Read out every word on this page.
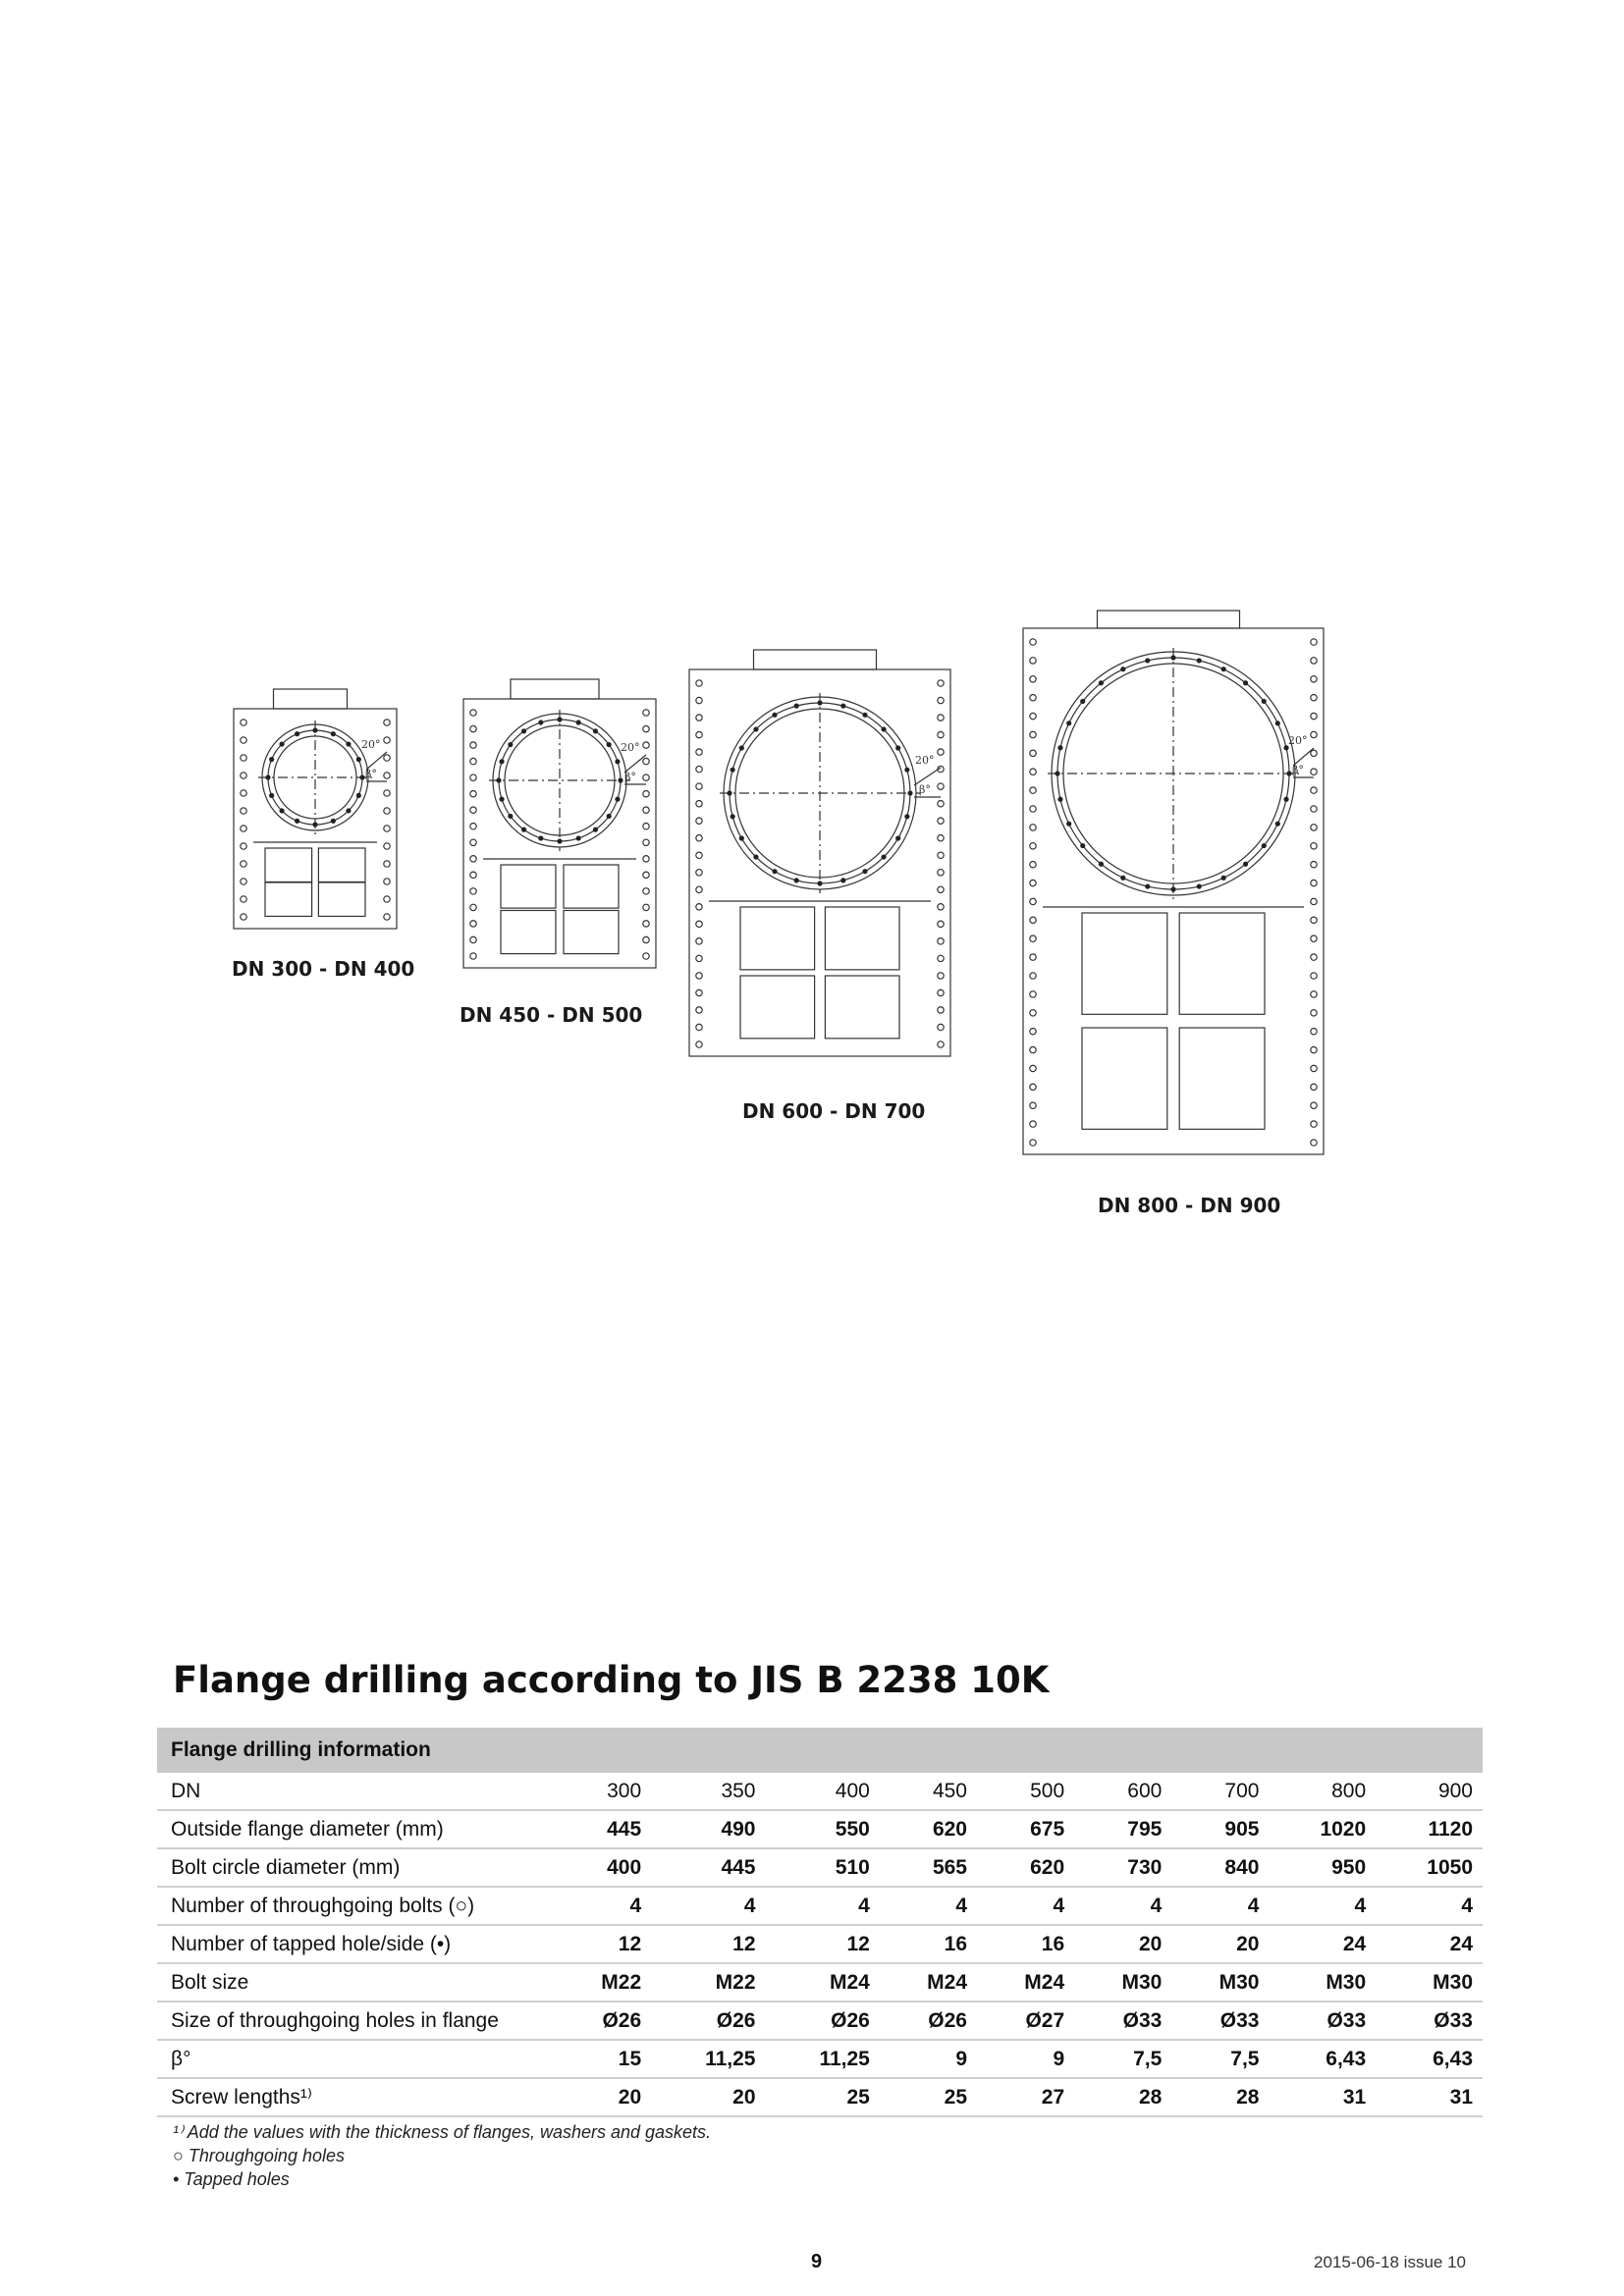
20°
β°
20°
β°
20°
β°
20°
β°
DN 300 - DN 400
DN 450 - DN 500
DN 600 - DN 700
DN 800 - DN 900
Flange drilling according to JIS B 2238 10K
Flange drilling information									
DN	300	350	400	450	500	600	700	800	900
Outside flange diameter (mm)	445	490	550	620	675	795	905	1020	1120
Bolt circle diameter (mm)	400	445	510	565	620	730	840	950	1050
Number of throughgoing bolts (○)	4	4	4	4	4	4	4	4	4
Number of tapped hole/side (•)	12	12	12	16	16	20	20	24	24
Bolt size	M22	M22	M24	M24	M24	M30	M30	M30	M30
Size of throughgoing holes in flange	Ø26	Ø26	Ø26	Ø26	Ø27	Ø33	Ø33	Ø33	Ø33
β°	15	11,25	11,25	9	9	7,5	7,5	6,43	6,43
Screw lengths¹⁾	20	20	25	25	27	28	28	31	31
¹⁾ Add the values with the thickness of flanges, washers and gaskets.
○ Throughgoing holes
• Tapped holes
9	2015-06-18 issue 10
